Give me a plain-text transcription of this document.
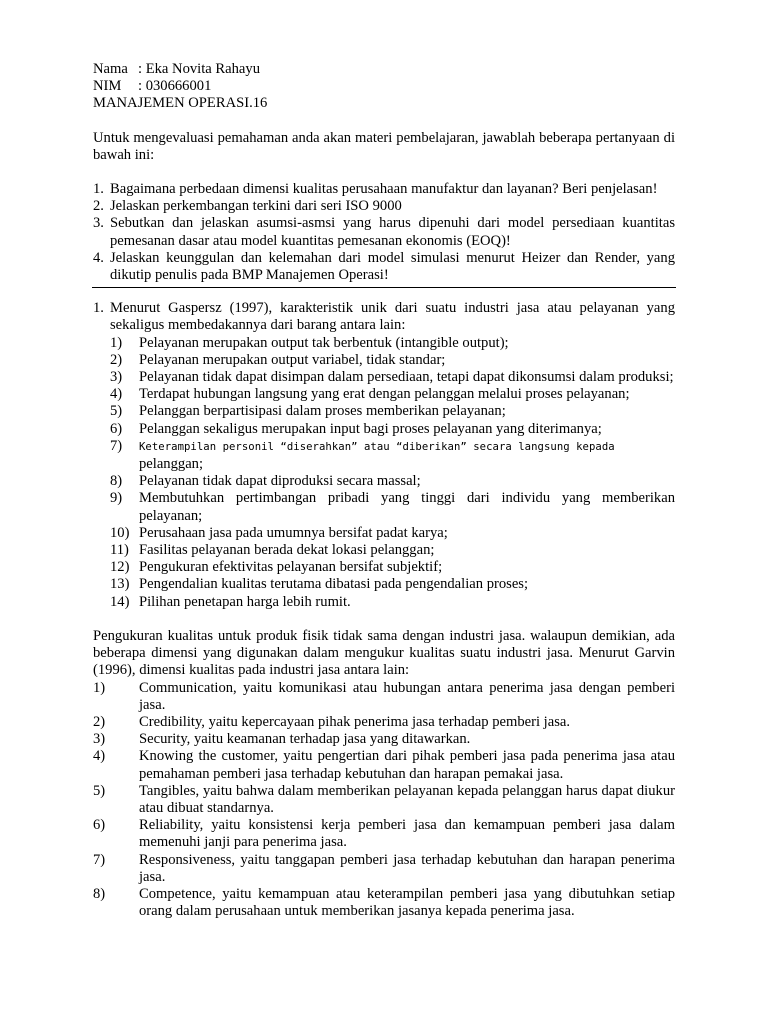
Nama : Eka Novita Rahayu
NIM	: 030666001
MANAJEMEN OPERASI.16

Untuk mengevaluasi pemahaman anda akan materi pembelajaran, jawablah beberapa pertanyaan di bawah ini:

1. Bagaimana perbedaan dimensi kualitas perusahaan manufaktur dan layanan? Beri penjelasan!
2. Jelaskan perkembangan terkini dari seri ISO 9000
3. Sebutkan dan jelaskan asumsi-asmsi yang harus dipenuhi dari model persediaan kuantitas pemesanan dasar atau model kuantitas pemesanan ekonomis (EOQ)!
4. Jelaskan keunggulan dan kelemahan dari model simulasi menurut Heizer dan Render, yang dikutip penulis pada BMP Manajemen Operasi!
1. Menurut Gaspersz (1997), karakteristik unik dari suatu industri jasa atau pelayanan yang sekaligus membedakannya dari barang antara lain:
1)	Pelayanan merupakan output tak berbentuk (intangible output);
2)	Pelayanan merupakan output variabel, tidak standar;
3)	Pelayanan tidak dapat disimpan dalam persediaan, tetapi dapat dikonsumsi dalam produksi;
4)	Terdapat hubungan langsung yang erat dengan pelanggan melalui proses pelayanan;
5)	Pelanggan berpartisipasi dalam proses memberikan pelayanan;
6)	Pelanggan sekaligus merupakan input bagi proses pelayanan yang diterimanya;
7)	Keterampilan personil “diserahkan” atau “diberikan” secara langsung kepada
pelanggan;
8)	Pelayanan tidak dapat diproduksi secara massal;
9)	Membutuhkan pertimbangan pribadi yang tinggi dari individu yang memberikan pelayanan;
10) Perusahaan jasa pada umumnya bersifat padat karya;
11) Fasilitas pelayanan berada dekat lokasi pelanggan;
12) Pengukuran efektivitas pelayanan bersifat subjektif;
13) Pengendalian kualitas terutama dibatasi pada pengendalian proses;
14) Pilihan penetapan harga lebih rumit.

Pengukuran kualitas untuk produk fisik tidak sama dengan industri jasa. walaupun demikian, ada beberapa dimensi yang digunakan dalam mengukur kualitas suatu industri jasa. Menurut Garvin (1996), dimensi kualitas pada industri jasa antara lain:

1)	Communication, yaitu komunikasi atau hubungan antara penerima jasa dengan pemberi jasa.
2)	Credibility, yaitu kepercayaan pihak penerima jasa terhadap pemberi jasa.
3)	Security, yaitu keamanan terhadap jasa yang ditawarkan.
4)	Knowing the customer, yaitu pengertian dari pihak pemberi jasa pada penerima jasa atau pemahaman pemberi jasa terhadap kebutuhan dan harapan pemakai jasa.
5)	Tangibles, yaitu bahwa dalam memberikan pelayanan kepada pelanggan harus dapat diukur atau dibuat standarnya.
6)	Reliability, yaitu konsistensi kerja pemberi jasa dan kemampuan pemberi jasa dalam memenuhi janji para penerima jasa.
7)	Responsiveness, yaitu tanggapan pemberi jasa terhadap kebutuhan dan harapan penerima jasa.
8)	Competence, yaitu kemampuan atau keterampilan pemberi jasa yang dibutuhkan setiap orang dalam perusahaan untuk memberikan jasanya kepada penerima jasa.
